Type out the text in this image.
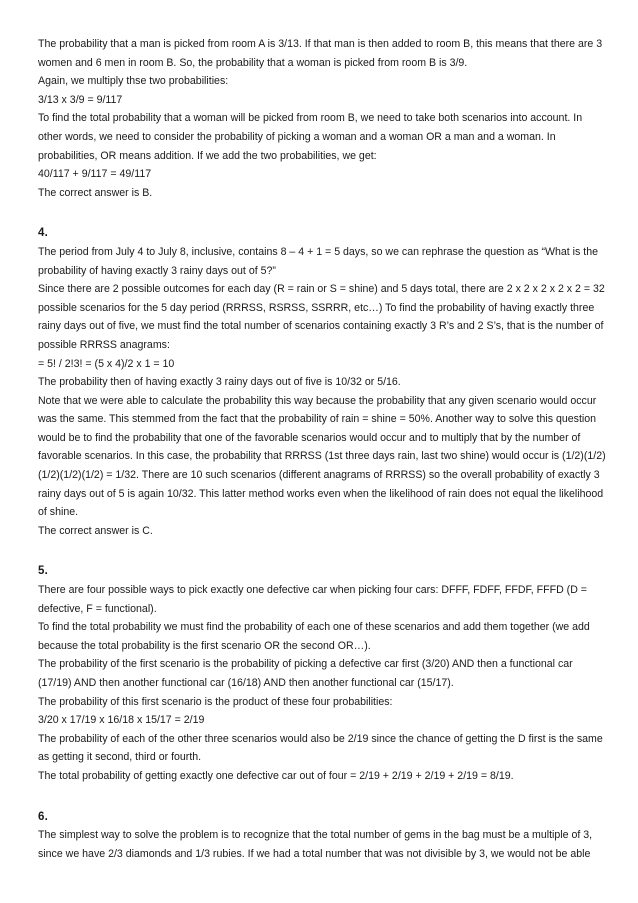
The probability that a man is picked from room A is 3/13. If that man is then added to room B, this means that there are 3 women and 6 men in room B. So, the probability that a woman is picked from room B is 3/9.

Again, we multiply thse two probabilities:

3/13 x 3/9 = 9/117

To find the total probability that a woman will be picked from room B, we need to take both scenarios into account. In other words, we need to consider the probability of picking a woman and a woman OR a man and a woman. In probabilities, OR means addition. If we add the two probabilities, we get:

40/117 + 9/117 = 49/117

The correct answer is B.

4.

The period from July 4 to July 8, inclusive, contains 8 – 4 + 1 = 5 days, so we can rephrase the question as “What is the probability of having exactly 3 rainy days out of 5?”

Since there are 2 possible outcomes for each day (R = rain or S = shine) and 5 days total, there are 2 x 2 x 2 x 2 x 2 = 32 possible scenarios for the 5 day period (RRRSS, RSRSS, SSRRR, etc…) To find the probability of having exactly three rainy days out of five, we must find the total number of scenarios containing exactly 3 R’s and 2 S’s, that is the number of possible RRRSS anagrams:

= 5! / 2!3! = (5 x 4)/2 x 1 = 10

The probability then of having exactly 3 rainy days out of five is 10/32 or 5/16.

Note that we were able to calculate the probability this way because the probability that any given scenario would occur was the same. This stemmed from the fact that the probability of rain = shine = 50%. Another way to solve this question would be to find the probability that one of the favorable scenarios would occur and to multiply that by the number of favorable scenarios. In this case, the probability that RRRSS (1st three days rain, last two shine) would occur is (1/2)(1/2)(1/2)(1/2)(1/2) = 1/32. There are 10 such scenarios (different anagrams of RRRSS) so the overall probability of exactly 3 rainy days out of 5 is again 10/32. This latter method works even when the likelihood of rain does not equal the likelihood of shine.

The correct answer is C.

5.

There are four possible ways to pick exactly one defective car when picking four cars: DFFF, FDFF, FFDF, FFFD (D = defective, F = functional).

To find the total probability we must find the probability of each one of these scenarios and add them together (we add because the total probability is the first scenario OR the second OR…).

The probability of the first scenario is the probability of picking a defective car first (3/20) AND then a functional car (17/19) AND then another functional car (16/18) AND then another functional car (15/17).

The probability of this first scenario is the product of these four probabilities:

3/20 x 17/19 x 16/18 x 15/17 = 2/19

The probability of each of the other three scenarios would also be 2/19 since the chance of getting the D first is the same as getting it second, third or fourth.

The total probability of getting exactly one defective car out of four = 2/19 + 2/19 + 2/19 + 2/19 = 8/19.

6.

The simplest way to solve the problem is to recognize that the total number of gems in the bag must be a multiple of 3, since we have 2/3 diamonds and 1/3 rubies. If we had a total number that was not divisible by 3, we would not be able
